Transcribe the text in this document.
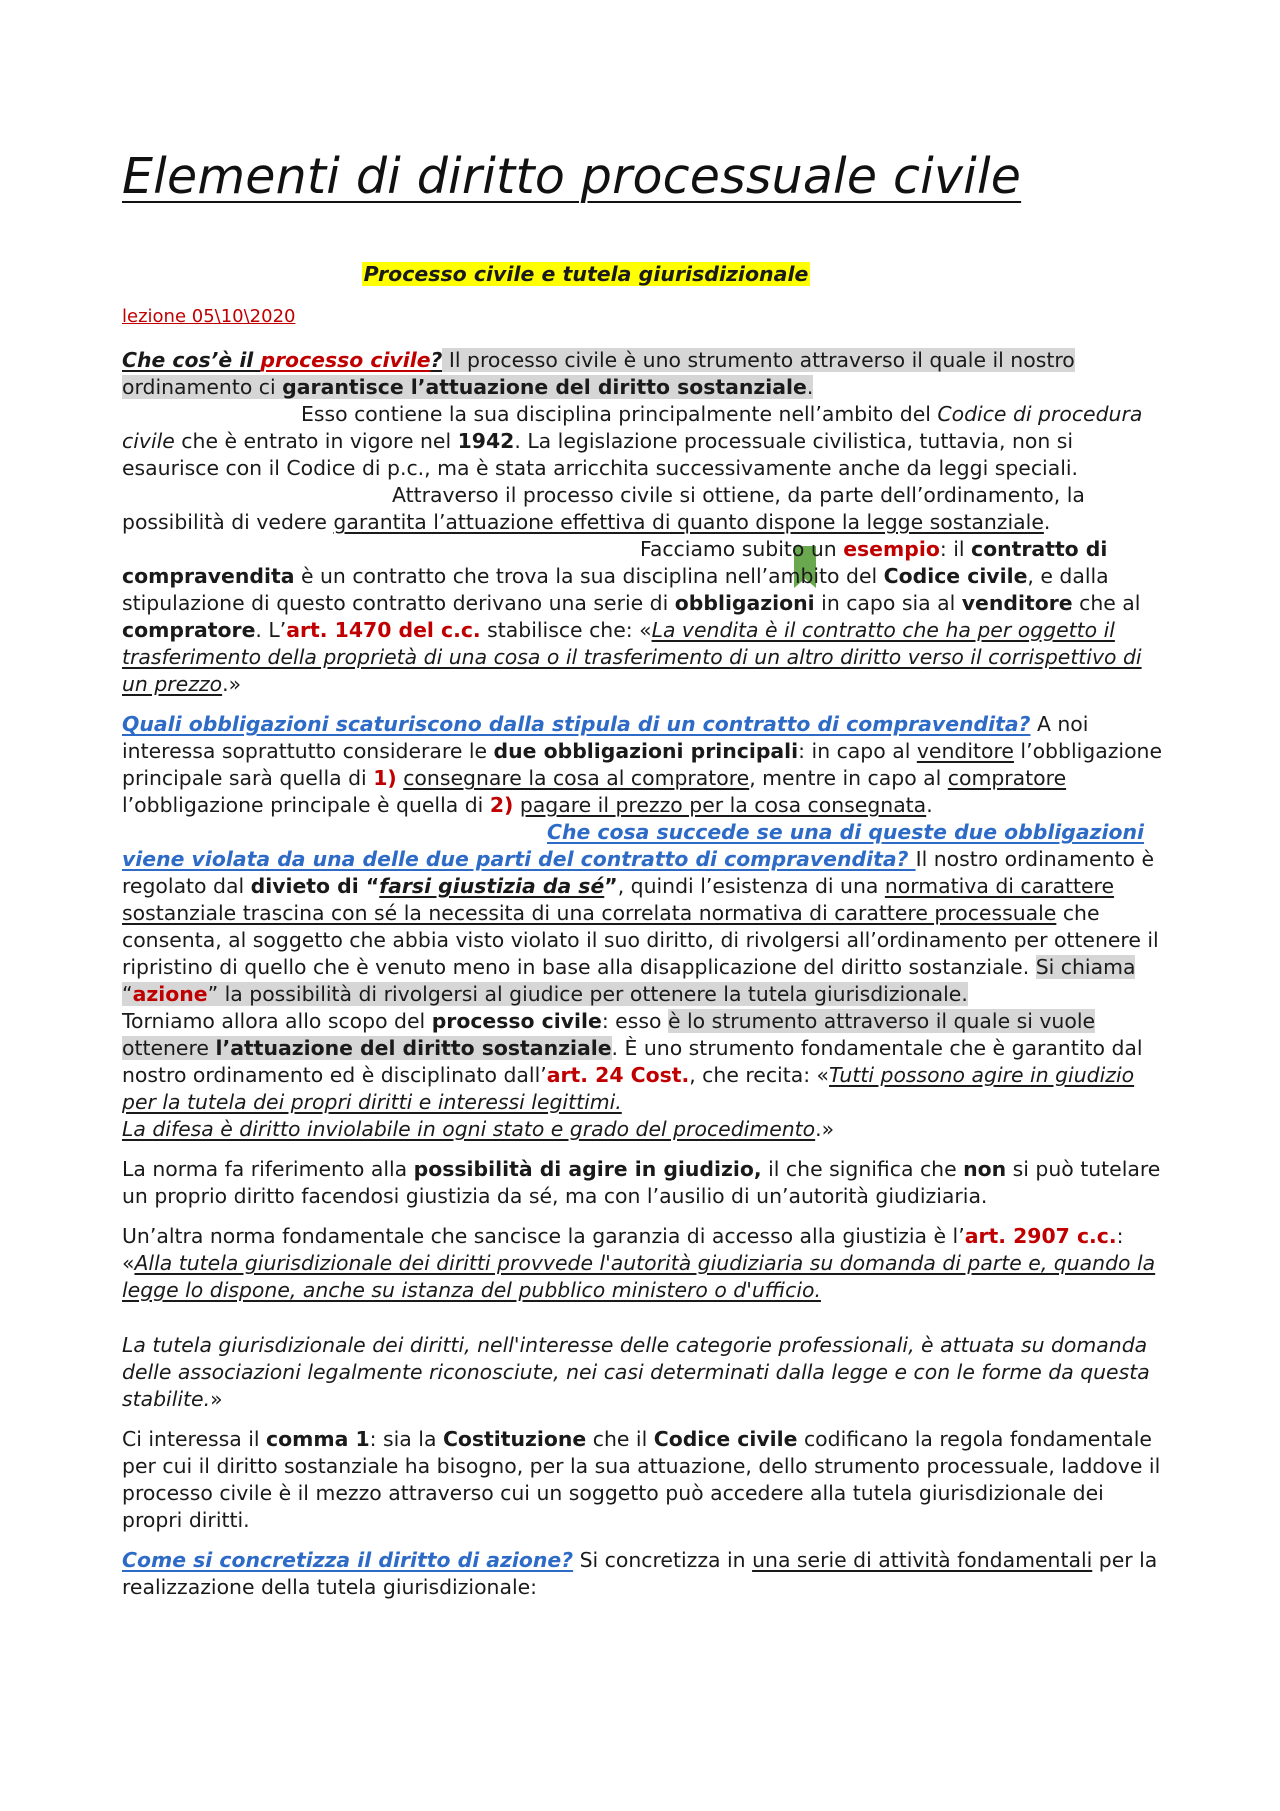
Elementi di diritto processuale civile
Processo civile e tutela giurisdizionale
lezione 05\10\2020

Che cos’è il processo civile? Il processo civile è uno strumento attraverso il quale il nostro ordinamento ci garantisce l’attuazione del diritto sostanziale.
Esso contiene la sua disciplina principalmente nell’ambito del Codice di procedura civile che è entrato in vigore nel 1942. La legislazione processuale civilistica, tuttavia, non si esaurisce con il Codice di p.c., ma è stata arricchita successivamente anche da leggi speciali.Attraverso il processo civile si ottiene, da parte dell’ordinamento, la possibilità di vedere garantita l’attuazione effettiva di quanto dispone la legge sostanziale.Facciamo subito un esempio: il contratto di compravendita è un contratto che trova la sua disciplina nell’ambito del Codice civile, e dalla stipulazione di questo contratto derivano una serie di obbligazioni in capo sia al venditore che al compratore. L’art. 1470 del c.c. stabilisce che: «La vendita è il contratto che ha per oggetto il trasferimento della proprietà di una cosa o il trasferimento di un altro diritto verso il corrispettivo di un prezzo.»

Quali obbligazioni scaturiscono dalla stipula di un contratto di compravendita? A noi interessa soprattutto considerare le due obbligazioni principali: in capo al venditore l’obbligazione principale sarà quella di 1) consegnare la cosa al compratore, mentre in capo al compratore l’obbligazione principale è quella di 2) pagare il prezzo per la cosa consegnata.Che cosa succede se una di queste due obbligazioni viene violata da una delle due parti del contratto di compravendita? Il nostro ordinamento è regolato dal divieto di “farsi giustizia da sé”, quindi l’esistenza di una normativa di carattere sostanziale trascina con sé la necessita di una correlata normativa di carattere processuale che consenta, al soggetto che abbia visto violato il suo diritto, di rivolgersi all’ordinamento per ottenere il ripristino di quello che è venuto meno in base alla disapplicazione del diritto sostanziale. Si chiama “azione” la possibilità di rivolgersi al giudice per ottenere la tutela giurisdizionale.
Torniamo allora allo scopo del processo civile: esso è lo strumento attraverso il quale si vuole ottenere l’attuazione del diritto sostanziale. È uno strumento fondamentale che è garantito dal nostro ordinamento ed è disciplinato dall’art. 24 Cost., che recita: «Tutti possono agire in giudizio per la tutela dei propri diritti e interessi legittimi.
La difesa è diritto inviolabile in ogni stato e grado del procedimento.»

La norma fa riferimento alla possibilità di agire in giudizio, il che significa che non si può tutelare un proprio diritto facendosi giustizia da sé, ma con l’ausilio di un’autorità giudiziaria.

Un’altra norma fondamentale che sancisce la garanzia di accesso alla giustizia è l’art. 2907 c.c.: «Alla tutela giurisdizionale dei diritti provvede l'autorità giudiziaria su domanda di parte e, quando la legge lo dispone, anche su istanza del pubblico ministero o d'ufficio.

La tutela giurisdizionale dei diritti, nell'interesse delle categorie professionali, è attuata su domanda delle associazioni legalmente riconosciute, nei casi determinati dalla legge e con le forme da questa stabilite.»

Ci interessa il comma 1: sia la Costituzione che il Codice civile codificano la regola fondamentale per cui il diritto sostanziale ha bisogno, per la sua attuazione, dello strumento processuale, laddove il processo civile è il mezzo attraverso cui un soggetto può accedere alla tutela giurisdizionale dei propri diritti.

Come si concretizza il diritto di azione? Si concretizza in una serie di attività fondamentali per la realizzazione della tutela giurisdizionale:
